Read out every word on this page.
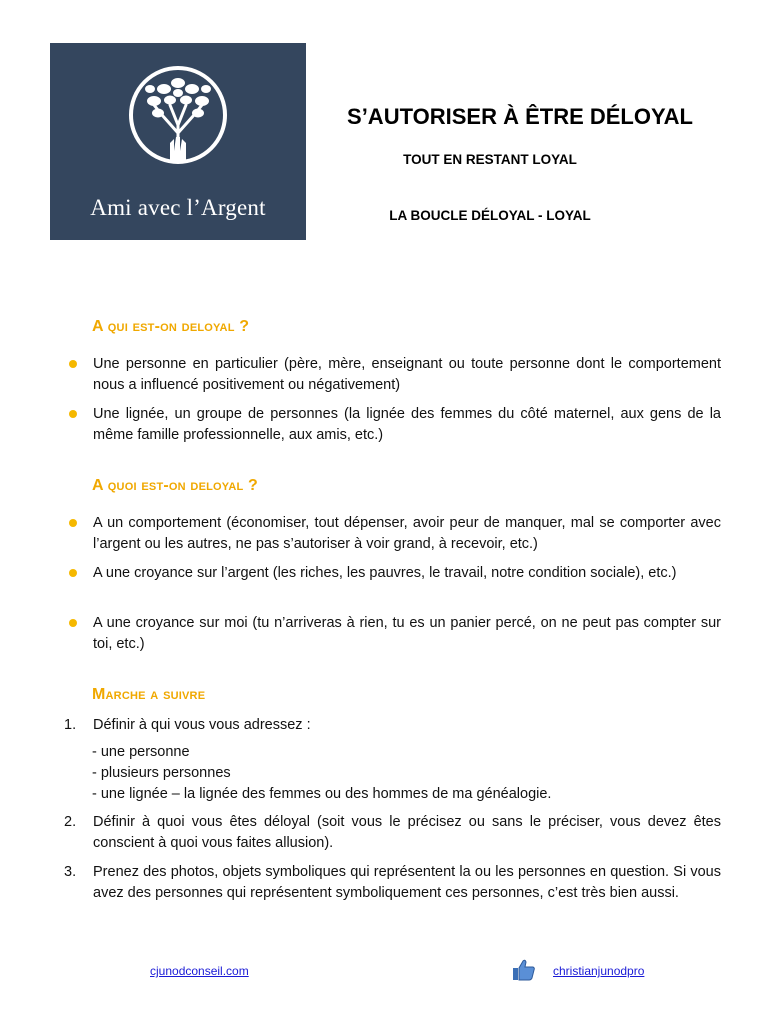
Ami avec l’Argent
S’AUTORISER À ÊTRE DÉLOYAL
TOUT EN RESTANT LOYAL
LA BOUCLE DÉLOYAL - LOYAL
A qui est-on deloyal ?
Une personne en particulier (père, mère, enseignant ou toute personne dont le comportement nous a influencé positivement ou négativement)
Une lignée, un groupe de personnes (la lignée des femmes du côté maternel, aux gens de la même famille professionnelle, aux amis, etc.)
A quoi est-on deloyal ?
A un comportement (économiser, tout dépenser, avoir peur de manquer, mal se comporter avec l’argent ou les autres, ne pas s’autoriser à voir grand, à recevoir, etc.)
A une croyance sur l’argent (les riches, les pauvres, le travail, notre condition sociale), etc.)
A une croyance sur moi (tu n’arriveras à rien, tu es un panier percé, on ne peut pas compter sur toi, etc.)
Marche a suivre
1. Définir à qui vous vous adressez :
- une personne
- plusieurs personnes
- une lignée – la lignée des femmes ou des hommes de ma généalogie.
2. Définir à quoi vous êtes déloyal (soit vous le précisez ou sans le préciser, vous devez êtes conscient à quoi vous faites allusion).
3. Prenez des photos, objets symboliques qui représentent la ou les personnes en question. Si vous avez des personnes qui représentent symboliquement ces personnes, c’est très bien aussi.
cjunodconseil.com	christianjunodpro
